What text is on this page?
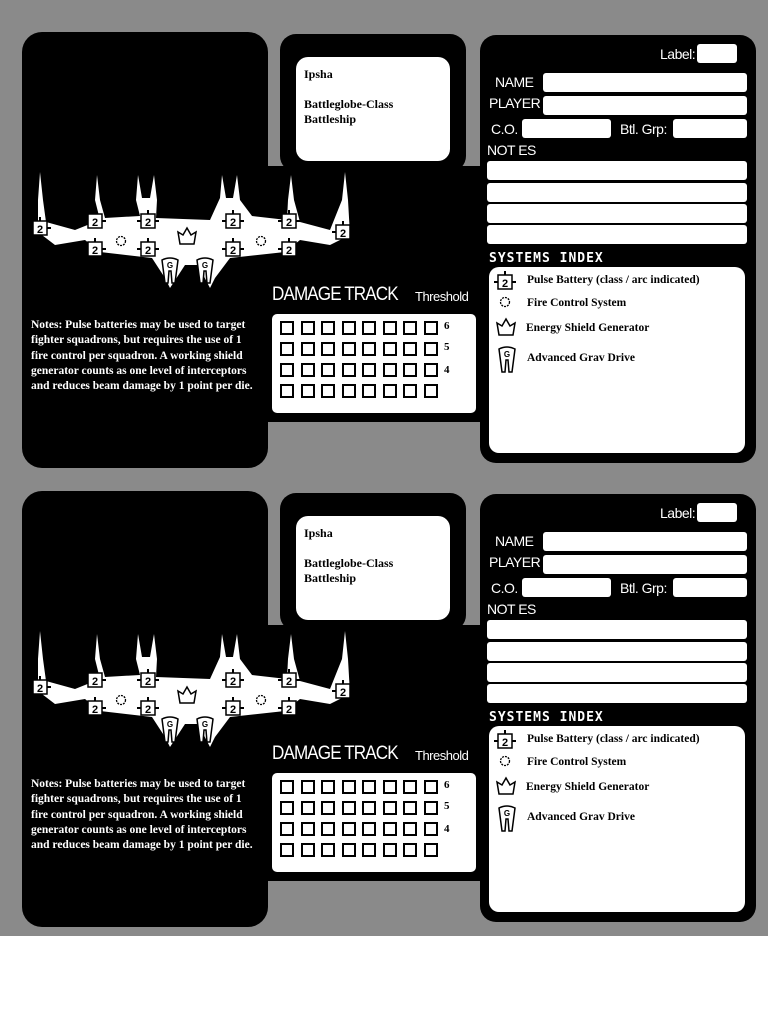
Ipsha
Battleglobe-Class Battleship
Label:
NAME
PLAYER
C.O.	Btl. Grp:
NOT ES
SYSTEMS INDEX
2 Pulse Battery (class / arc indicated)
Fire Control System
Energy Shield Generator
G Advanced Grav Drive
Notes: Pulse batteries may be used to target fighter squadrons, but requires the use of 1 fire control per squadron. A working shield generator counts as one level of interceptors and reduces beam damage by 1 point per die.
DAMAGE TRACK Threshold
6
5
4
2
2
2
2
2
2
2
2
2
2
G	G
Ipsha
Battleglobe-Class Battleship
Label:
NAME
PLAYER
C.O.	Btl. Grp:
NOT ES
SYSTEMS INDEX
2 Pulse Battery (class / arc indicated)
Fire Control System
Energy Shield Generator
G Advanced Grav Drive
Notes: Pulse batteries may be used to target fighter squadrons, but requires the use of 1 fire control per squadron. A working shield generator counts as one level of interceptors and reduces beam damage by 1 point per die.
DAMAGE TRACK Threshold
6
5
4
2
2
2
2
2
2
2
2
2
2
G	G
